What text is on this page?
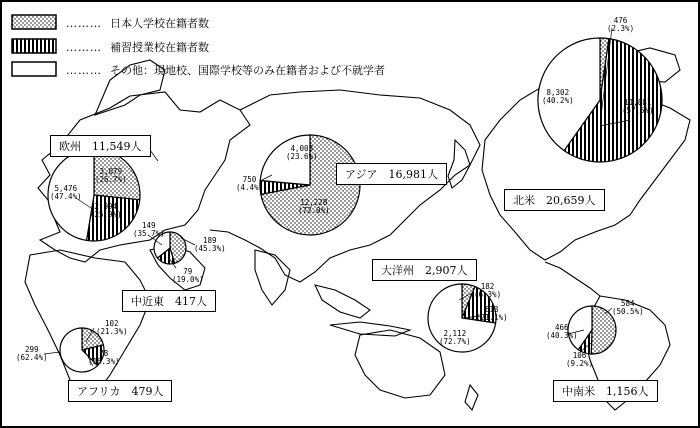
……… 日本人学校在籍者数
……… 補習授業校在籍者数
……… その他：現地校、国際学校等のみ在籍者および不就学者
欧州　11,549人
アジア　16,981人
北米　20,659人
中近東　417人
大洋州　2,907人
中南米　1,156人
アフリカ　479人
3,079
(26.7%)
2,994
(25.9%)
5,476
(47.4%)
12,228
(72.0%)
750
(4.4%)
4,003
(23.6%)
476
(2.3%)
11,881
(57.5%)
8,302
(40.2%)
189
(45.3%)
79
(19.0%)
149
(35.7%)
182
(6.3%)
613
(21.1%)
2,112
(72.7%)
584
(50.5%)
106
(9.2%)
466
(40.3%)
102
(21.3%)
78
(16.3%)
299
(62.4%)
